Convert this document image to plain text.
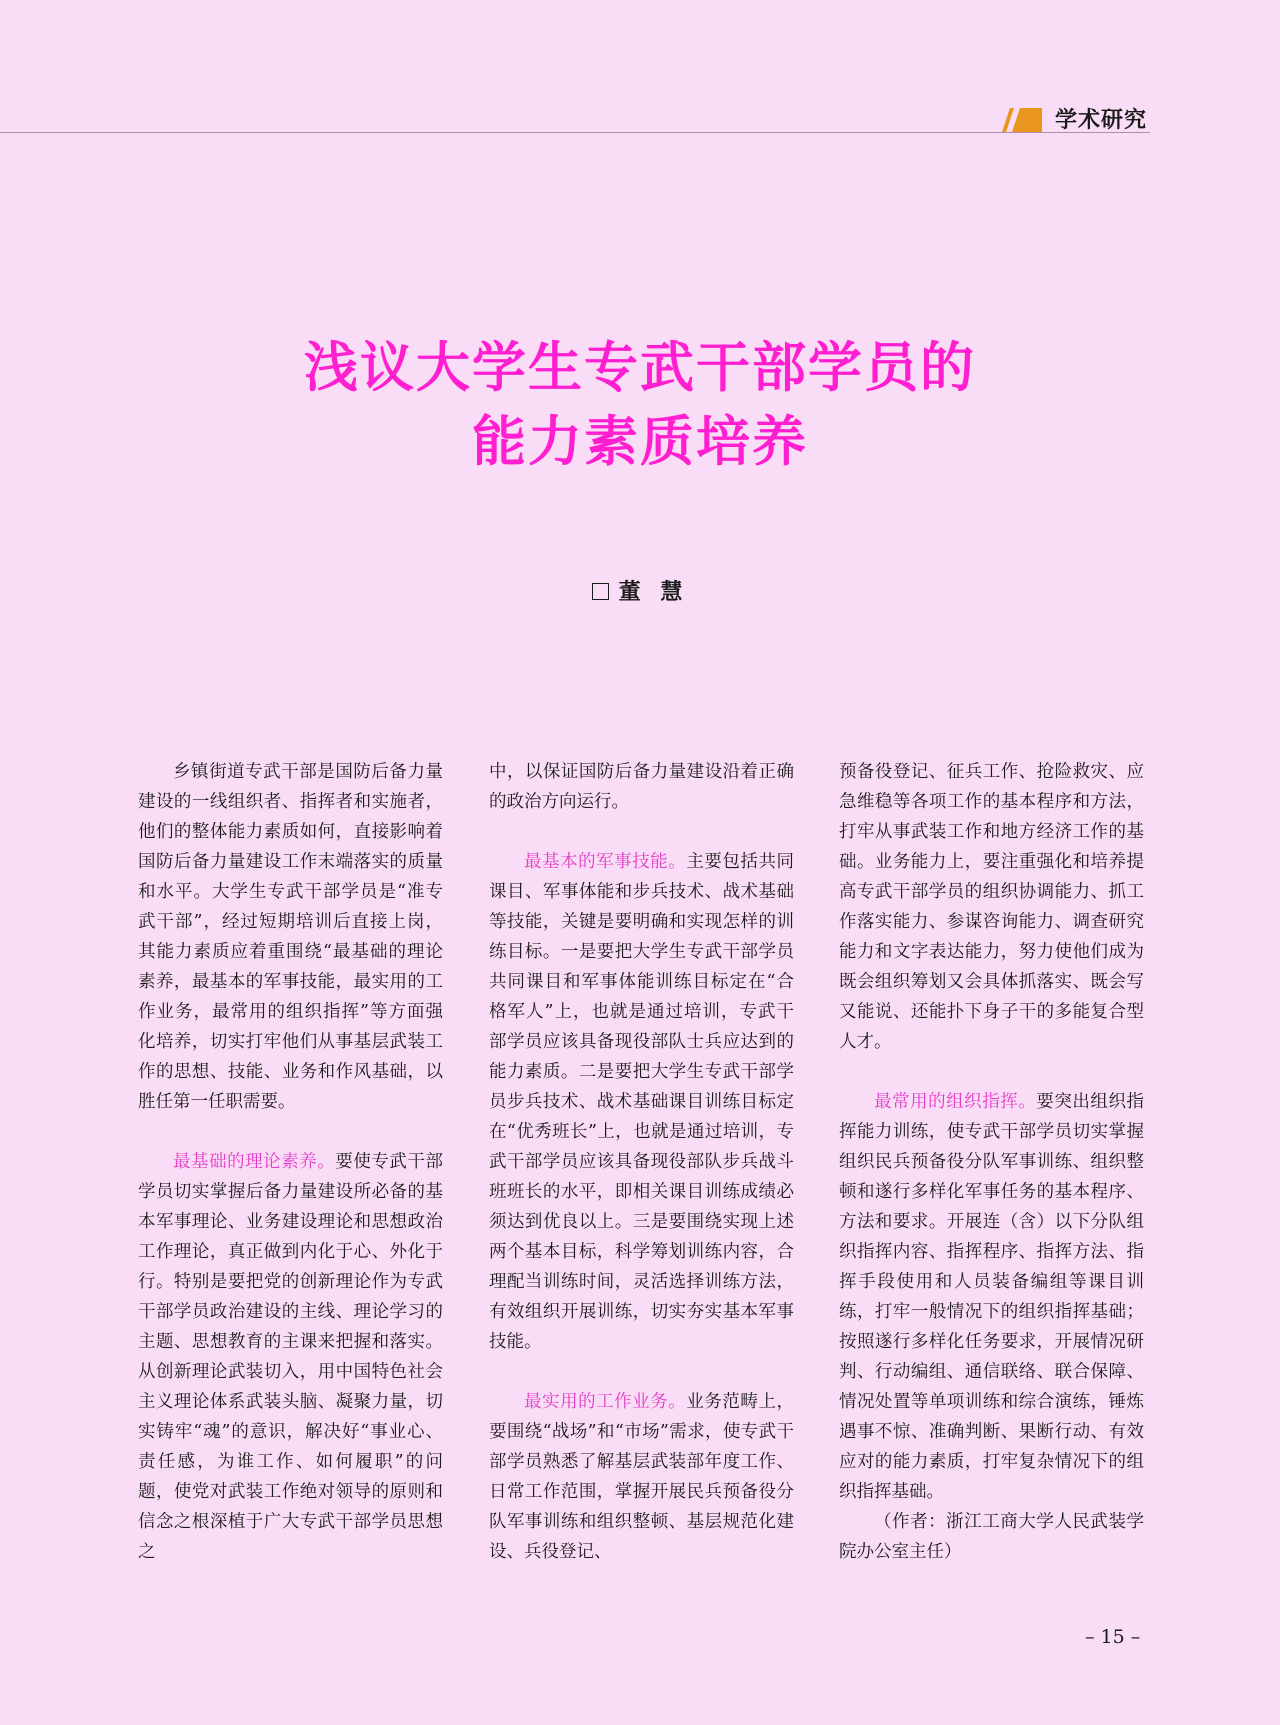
学术研究
浅议大学生专武干部学员的
能力素质培养
董 慧

乡镇街道专武干部是国防后备力量建设的一线组织者、指挥者和实施者，他们的整体能力素质如何，直接影响着国防后备力量建设工作末端落实的质量和水平。大学生专武干部学员是“准专武干部”，经过短期培训后直接上岗，其能力素质应着重围绕“最基础的理论素养，最基本的军事技能，最实用的工作业务，最常用的组织指挥”等方面强化培养，切实打牢他们从事基层武装工作的思想、技能、业务和作风基础，以胜任第一任职需要。

最基础的理论素养。要使专武干部学员切实掌握后备力量建设所必备的基本军事理论、业务建设理论和思想政治工作理论，真正做到内化于心、外化于行。特别是要把党的创新理论作为专武干部学员政治建设的主线、理论学习的主题、思想教育的主课来把握和落实。从创新理论武装切入，用中国特色社会主义理论体系武装头脑、凝聚力量，切实铸牢“魂”的意识，解决好“事业心、责任感，为谁工作、如何履职”的问题，使党对武装工作绝对领导的原则和信念之根深植于广大专武干部学员思想之

中，以保证国防后备力量建设沿着正确的政治方向运行。

最基本的军事技能。主要包括共同课目、军事体能和步兵技术、战术基础等技能，关键是要明确和实现怎样的训练目标。一是要把大学生专武干部学员共同课目和军事体能训练目标定在“合格军人”上，也就是通过培训，专武干部学员应该具备现役部队士兵应达到的能力素质。二是要把大学生专武干部学员步兵技术、战术基础课目训练目标定在“优秀班长”上，也就是通过培训，专武干部学员应该具备现役部队步兵战斗班班长的水平，即相关课目训练成绩必须达到优良以上。三是要围绕实现上述两个基本目标，科学筹划训练内容，合理配当训练时间，灵活选择训练方法，有效组织开展训练，切实夯实基本军事技能。

最实用的工作业务。业务范畴上，要围绕“战场”和“市场”需求，使专武干部学员熟悉了解基层武装部年度工作、日常工作范围，掌握开展民兵预备役分队军事训练和组织整顿、基层规范化建设、兵役登记、

预备役登记、征兵工作、抢险救灾、应急维稳等各项工作的基本程序和方法，打牢从事武装工作和地方经济工作的基础。业务能力上，要注重强化和培养提高专武干部学员的组织协调能力、抓工作落实能力、参谋咨询能力、调查研究能力和文字表达能力，努力使他们成为既会组织筹划又会具体抓落实、既会写又能说、还能扑下身子干的多能复合型人才。

最常用的组织指挥。要突出组织指挥能力训练，使专武干部学员切实掌握组织民兵预备役分队军事训练、组织整顿和遂行多样化军事任务的基本程序、方法和要求。开展连（含）以下分队组织指挥内容、指挥程序、指挥方法、指挥手段使用和人员装备编组等课目训练，打牢一般情况下的组织指挥基础；按照遂行多样化任务要求，开展情况研判、行动编组、通信联络、联合保障、情况处置等单项训练和综合演练，锤炼遇事不惊、准确判断、果断行动、有效应对的能力素质，打牢复杂情况下的组织指挥基础。

（作者：浙江工商大学人民武装学院办公室主任）

– 15 –
